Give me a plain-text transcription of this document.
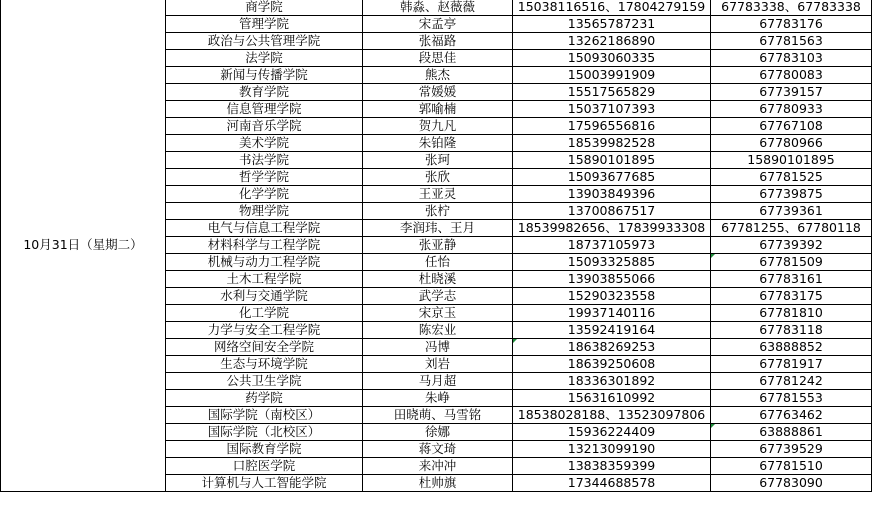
10月31日（星期二）	商学院	韩淼、赵薇薇	15038116516、17804279159	67783338、67783338
	管理学院	宋孟亭	13565787231	67783176
	政治与公共管理学院	张福路	13262186890	67781563
	法学院	段思佳	15093060335	67783103
	新闻与传播学院	熊杰	15003991909	67780083
	教育学院	常媛媛	15517565829	67739157
	信息管理学院	郭喻楠	15037107393	67780933
	河南音乐学院	贺九凡	17596556816	67767108
	美术学院	朱铂隆	18539982528	67780966
	书法学院	张珂	15890101895	15890101895
	哲学学院	张欣	15093677685	67781525
	化学学院	王亚灵	13903849396	67739875
	物理学院	张柠	13700867517	67739361
	电气与信息工程学院	李润玮、王月	18539982656、17839933308	67781255、67780118
	材料科学与工程学院	张亚静	18737105973	67739392
	机械与动力工程学院	任怡	15093325885	67781509
	土木工程学院	杜晓溪	13903855066	67783161
	水利与交通学院	武学志	15290323558	67783175
	化工学院	宋京玉	19937140116	67781810
	力学与安全工程学院	陈宏业	13592419164	67783118
	网络空间安全学院	冯博	18638269253	63888852
	生态与环境学院	刘岩	18639250608	67781917
	公共卫生学院	马月超	18336301892	67781242
	药学院	朱峥	15631610992	67781553
	国际学院（南校区）	田晓萌、马雪铭	18538028188、13523097806	67763462
	国际学院（北校区）	徐娜	15936224409	63888861
	国际教育学院	蒋文琦	13213099190	67739529
	口腔医学院	来冲冲	13838359399	67781510
	计算机与人工智能学院	杜帅旗	17344688578	67783090
